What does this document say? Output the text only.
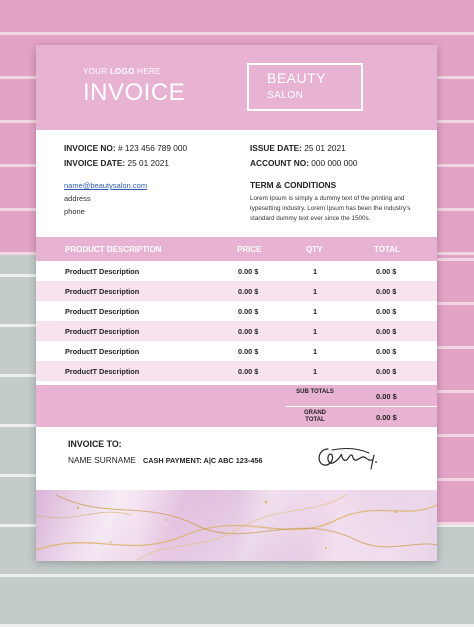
YOUR LOGO HERE
INVOICE
BEAUTY
SALON
INVOICE NO: # 123 456 789 000
INVOICE DATE: 25 01 2021
ISSUE DATE: 25 01 2021
ACCOUNT NO: 000 000 000
name@beautysalon.com
address
phone
TERM & CONDITIONS
Lorem Ipsum is simply a dummy text of the printing and typesetting industry. Lorem Ipsum has been the industry's standard dummy text ever since the 1500s.
PRODUCT DESCRIPTION	PRICE	QTY	TOTAL
ProductT Description	0.00 $	1	0.00 $
ProductT Description	0.00 $	1	0.00 $
ProductT Description	0.00 $	1	0.00 $
ProductT Description	0.00 $	1	0.00 $
ProductT Description	0.00 $	1	0.00 $
ProductT Description	0.00 $	1	0.00 $
SUB TOTALS	0.00 $
GRAND TOTAL	0.00 $
INVOICE TO:
NAME SURNAME CASH PAYMENT: A|C ABC 123-456
